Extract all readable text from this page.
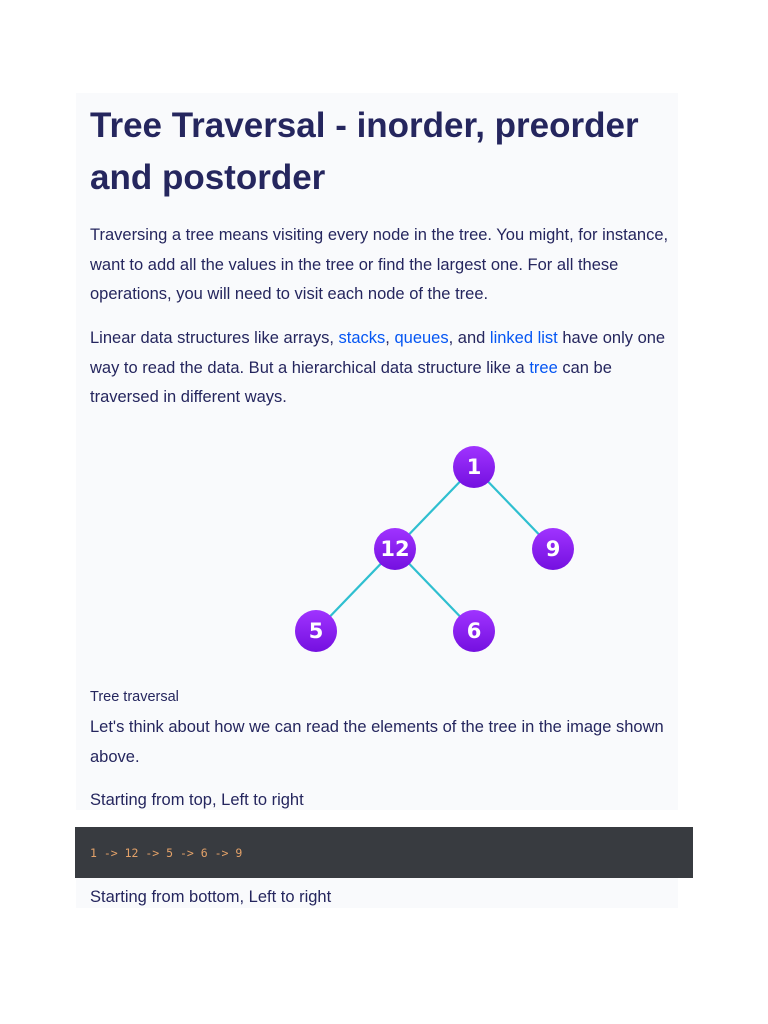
Tree Traversal - inorder, preorder and postorder

Traversing a tree means visiting every node in the tree. You might, for instance, want to add all the values in the tree or find the largest one. For all these operations, you will need to visit each node of the tree.

Linear data structures like arrays, stacks, queues, and linked list have only one way to read the data. But a hierarchical data structure like a tree can be traversed in different ways.

1
12	9
5	6

Tree traversal

Let's think about how we can read the elements of the tree in the image shown above.

Starting from top, Left to right

1 -> 12 -> 5 -> 6 -> 9

Starting from bottom, Left to right
